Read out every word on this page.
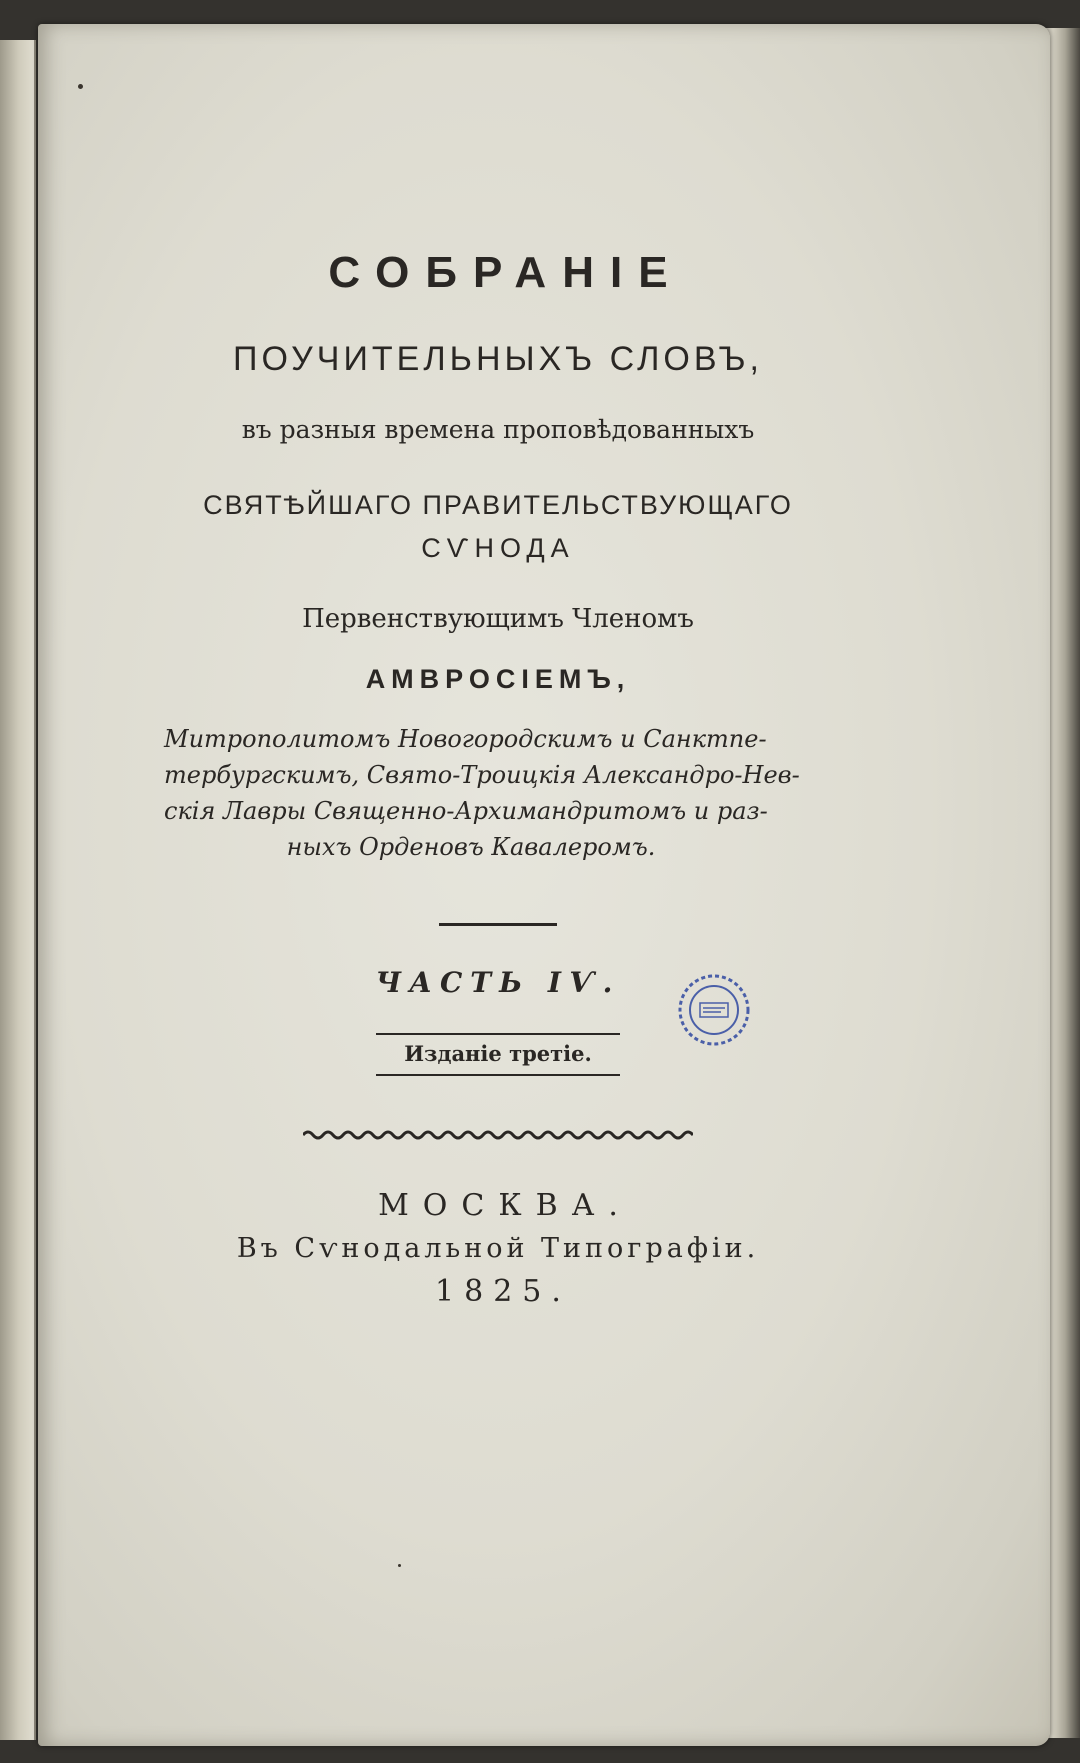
СОБРАНІЕ
ПОУЧИТЕЛЬНЫХЪ СЛОВЪ,
въ разныя времена проповѣдованныхъ
СВЯТѢЙШАГО ПРАВИТЕЛЬСТВУЮЩАГО
СѴНОДА
Первенствующимъ Членомъ
АМВРОСІЕМЪ,
Митрополитомъ Новогородскимъ и Санктпе-
тербургскимъ, Свято-Троицкія Александро-Нев-
скія Лавры Священно-Архимандритомъ и раз-
ныхъ Орденовъ Кавалеромъ.
ЧАСТЬ IѴ.
Изданіе третіе.
МОСКВА.
Въ Сѵнодальной Типографіи.
1825.
